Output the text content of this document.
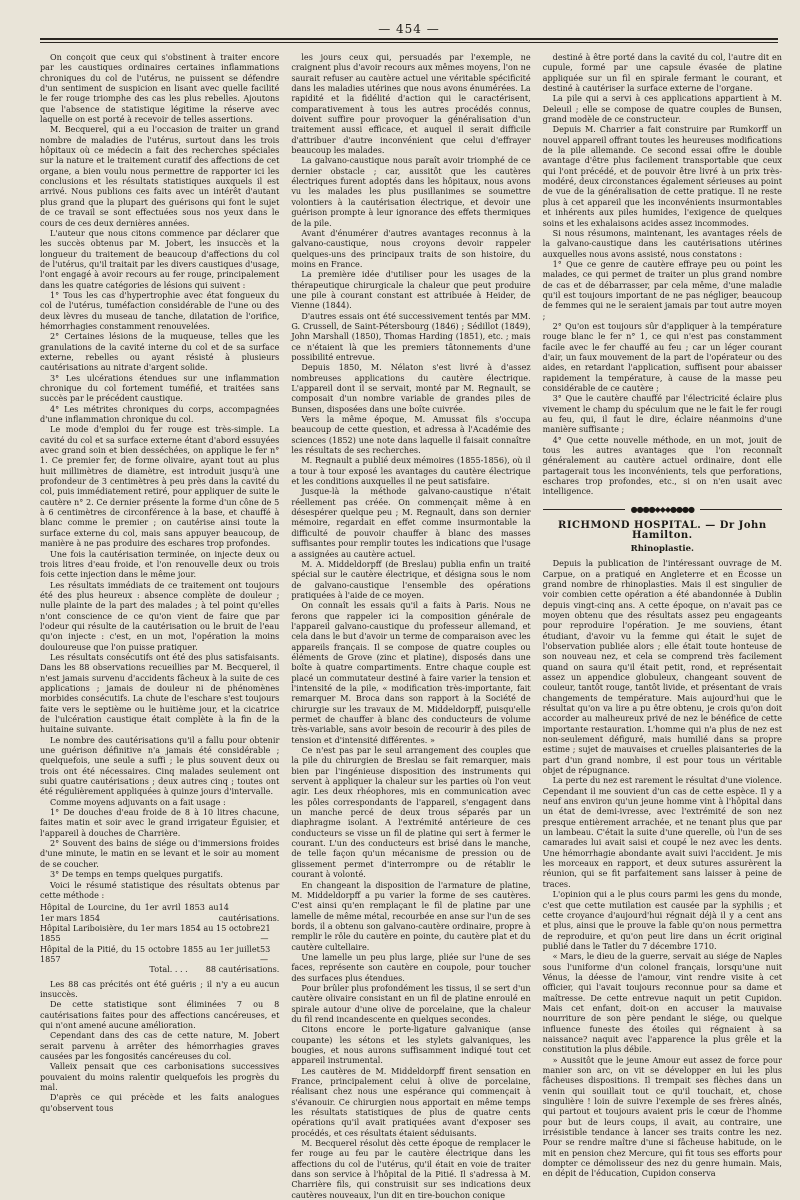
— 454 —

On conçoit que ceux qui s'obstinent à traiter encore par les caustiques ordinaires certaines inflammations chroniques du col de l'utérus, ne puissent se défendre d'un sentiment de suspicion en lisant avec quelle facilité le fer rouge triomphe des cas les plus rebelles. Ajoutons que l'absence de statistique légitime la réserve avec laquelle on est porté à recevoir de telles assertions.

M. Becquerel, qui a eu l'occasion de traiter un grand nombre de maladies de l'utérus, surtout dans les trois hôpitaux où ce médecin a fait des recherches spéciales sur la nature et le traitement curatif des affections de cet organe, a bien voulu nous permettre de rapporter ici les conclusions et les résultats statistiques auxquels il est arrivé. Nous publions ces faits avec un intérêt d'autant plus grand que la plupart des guérisons qui font le sujet de ce travail se sont effectuées sous nos yeux dans le cours de ces deux dernières années.

L'auteur que nous citons commence par déclarer que les succès obtenus par M. Jobert, les insuccès et la longueur du traitement de beaucoup d'affections du col de l'utérus, qu'il traitait par les divers caustiques d'usage, l'ont engagé à avoir recours au fer rouge, principalement dans les quatre catégories de lésions qui suivent :

1° Tous les cas d'hypertrophie avec état fongueux du col de l'utérus, tuméfaction considérable de l'une ou des deux lèvres du museau de tanche, dilatation de l'orifice, hémorrhagies constamment renouvelées.

2° Certaines lésions de la muqueuse, telles que les granulations de la cavité interne du col et de sa surface externe, rebelles ou ayant résisté à plusieurs cautérisations au nitrate d'argent solide.

3° Les ulcérations étendues sur une inflammation chronique du col fortement tuméfié, et traitées sans succès par le précédent caustique.

4° Les métrites chroniques du corps, accompagnées d'une inflammation chronique du col.

Le mode d'emploi du fer rouge est très-simple. La cavité du col et sa surface externe étant d'abord essuyées avec grand soin et bien desséchées, on applique le fer n° 1. Ce premier fer, de forme olivaire, ayant tout au plus huit millimètres de diamètre, est introduit jusqu'à une profondeur de 3 centimètres à peu près dans la cavité du col, puis immédiatement retiré, pour appliquer de suite le cautère n° 2. Ce dernier présente la forme d'un cône de 5 à 6 centimètres de circonférence à la base, et chauffé à blanc comme le premier ; on cautérise ainsi toute la surface externe du col, mais sans appuyer beaucoup, de manière à ne pas produire des eschares trop profondes.

Une fois la cautérisation terminée, on injecte deux ou trois litres d'eau froide, et l'on renouvelle deux ou trois fois cette injection dans le même jour.

Les résultats immédiats de ce traitement ont toujours été des plus heureux : absence complète de douleur ; nulle plainte de la part des malades ; à tel point qu'elles n'ont conscience de ce qu'on vient de faire que par l'odeur qui résulte de la cautérisation ou le bruit de l'eau qu'on injecte : c'est, en un mot, l'opération la moins douloureuse que l'on puisse pratiquer.

Les résultats consécutifs ont été des plus satisfaisants. Dans les 88 observations recueillies par M. Becquerel, il n'est jamais survenu d'accidents fâcheux à la suite de ces applications ; jamais de douleur ni de phénomènes morbides consécutifs. La chute de l'eschare s'est toujours faite vers le septième ou le huitième jour, et la cicatrice de l'ulcération caustique était complète à la fin de la huitaine suivante.

Le nombre des cautérisations qu'il a fallu pour obtenir une guérison définitive n'a jamais été considérable ; quelquefois, une seule a suffi ; le plus souvent deux ou trois ont été nécessaires. Cinq malades seulement ont subi quatre cautérisations ; deux autres cinq ; toutes ont été régulièrement appliquées à quinze jours d'intervalle.

Comme moyens adjuvants on a fait usage :

1° De douches d'eau froide de 8 à 10 litres chacune, faites matin et soir avec le grand irrigateur Éguisier, et l'appareil à douches de Charrière.

2° Souvent des bains de siége ou d'immersions froides d'une minute, le matin en se levant et le soir au moment de se coucher.

3° De temps en temps quelques purgatifs.

Voici le résumé statistique des résultats obtenus par cette méthode :

Hôpital de Lourcine, du 1er avril 1853 au 1er mars 1854
14 cautérisations.
Hôpital Lariboisière, du 1er mars 1854 au 15 octobre 1855
21 —
Hôpital de la Pitié, du 15 octobre 1855 au 1er juillet 1857
53 —
Total. . . . 88 cautérisations.

Les 88 cas précités ont été guéris ; il n'y a eu aucun insuccès.

De cette statistique sont éliminées 7 ou 8 cautérisations faites pour des affections cancéreuses, et qui n'ont amené aucune amélioration.

Cependant dans des cas de cette nature, M. Jobert serait parvenu à arrêter des hémorrhagies graves causées par les fongosités cancéreuses du col.

Valleix pensait que ces carbonisations successives pouvaient du moins ralentir quelquefois les progrès du mal.

D'après ce qui précède et les faits analogues qu'observent tous

les jours ceux qui, persuadés par l'exemple, ne craignent plus d'avoir recours aux mêmes moyens, l'on ne saurait refuser au cautère actuel une véritable spécificité dans les maladies utérines que nous avons énumérées. La rapidité et la fidélité d'action qui le caractérisent, comparativement à tous les autres procédés connus, doivent suffire pour provoquer la généralisation d'un traitement aussi efficace, et auquel il serait difficile d'attribuer d'autre inconvénient que celui d'effrayer beaucoup les malades.

La galvano-caustique nous paraît avoir triomphé de ce dernier obstacle ; car, aussitôt que les cautères électriques furent adoptés dans les hôpitaux, nous avons vu les malades les plus pusillanimes se soumettre volontiers à la cautérisation électrique, et devoir une guérison prompte à leur ignorance des effets thermiques de la pile.

Avant d'énumérer d'autres avantages reconnus à la galvano-caustique, nous croyons devoir rappeler quelques-uns des principaux traits de son histoire, du moins en France.

La première idée d'utiliser pour les usages de la thérapeutique chirurgicale la chaleur que peut produire une pile à courant constant est attribuée à Heider, de Vienne (1844).

D'autres essais ont été successivement tentés par MM. G. Crussell, de Saint-Pétersbourg (1846) ; Sédillot (1849), John Marshall (1850), Thomas Harding (1851), etc. ; mais ce n'étaient là que les premiers tâtonnements d'une possibilité entrevue.

Depuis 1850, M. Nélaton s'est livré à d'assez nombreuses applications du cautère électrique. L'appareil dont il se servait, monté par M. Regnault, se composait d'un nombre variable de grandes piles de Bunsen, disposées dans une boîte cuivrée.

Vers la même époque, M. Amussat fils s'occupa beaucoup de cette question, et adressa à l'Académie des sciences (1852) une note dans laquelle il faisait connaître les résultats de ses recherches.

M. Regnault a publié deux mémoires (1855-1856), où il a tour à tour exposé les avantages du cautère électrique et les conditions auxquelles il ne peut satisfaire.

Jusque-là la méthode galvano-caustique n'était réellement pas créée. On commençait même à en désespérer quelque peu ; M. Regnault, dans son dernier mémoire, regardait en effet comme insurmontable la difficulté de pouvoir chauffer à blanc des masses suffisantes pour remplir toutes les indications que l'usage a assignées au cautère actuel.

M. A. Middeldorpff (de Breslau) publia enfin un traité spécial sur le cautère électrique, et désigna sous le nom de galvano-caustique l'ensemble des opérations pratiquées à l'aide de ce moyen.

On connaît les essais qu'il a faits à Paris. Nous ne ferons que rappeler ici la composition générale de l'appareil galvano-caustique du professeur allemand, et cela dans le but d'avoir un terme de comparaison avec les appareils français. Il se compose de quatre couples ou éléments de Grove (zinc et platine), disposés dans une boîte à quatre compartiments. Entre chaque couple est placé un commutateur destiné à faire varier la tension et l'intensité de la pile, « modification très-importante, fait remarquer M. Broca dans son rapport à la Société de chirurgie sur les travaux de M. Middeldorpff, puisqu'elle permet de chauffer à blanc des conducteurs de volume très-variable, sans avoir besoin de recourir à des piles de tension et d'intensité différentes. »

Ce n'est pas par le seul arrangement des couples que la pile du chirurgien de Breslau se fait remarquer, mais bien par l'ingénieuse disposition des instruments qui servent à appliquer la chaleur sur les parties où l'on veut agir. Les deux rhéophores, mis en communication avec les pôles correspondants de l'appareil, s'engagent dans un manche percé de deux trous séparés par un diaphragme isolant. A l'extrémité antérieure de ces conducteurs se visse un fil de platine qui sert à fermer le courant. L'un des conducteurs est brisé dans le manche, de telle façon qu'un mécanisme de pression ou de glissement permet d'interrompre ou de rétablir le courant à volonté.

En changeant la disposition de l'armature de platine, M. Middeldorpff a pu varier la forme de ses cautères. C'est ainsi qu'en remplaçant le fil de platine par une lamelle de même métal, recourbée en anse sur l'un de ses bords, il a obtenu son galvano-cautère ordinaire, propre à remplir le rôle du cautère en pointe, du cautère plat et du cautère cultellaire.

Une lamelle un peu plus large, pliée sur l'une de ses faces, représente son cautère en coupole, pour toucher des surfaces plus étendues.

Pour brûler plus profondément les tissus, il se sert d'un cautère olivaire consistant en un fil de platine enroulé en spirale autour d'une olive de porcelaine, que la chaleur du fil rend incandescente en quelques secondes.

Citons encore le porte-ligature galvanique (anse coupante) les sétons et les stylets galvaniques, les bougies, et nous aurons suffisamment indiqué tout cet appareil instrumental.

Les cautères de M. Middeldorpff firent sensation en France, principalement celui à olive de porcelaine, réalisant chez nous une espérance qui commençait à s'évanouir. Ce chirurgien nous apportait en même temps les résultats statistiques de plus de quatre cents opérations qu'il avait pratiquées avant d'exposer ses procédés, et ces résultats étaient séduisants.

M. Becquerel résolut dès cette époque de remplacer le fer rouge au feu par le cautère électrique dans les affections du col de l'utérus, qu'il était en voie de traiter dans son service à l'hôpital de la Pitié. Il s'adressa à M. Charrière fils, qui construisit sur ses indications deux cautères nouveaux, l'un dit en tire-bouchon conique

destiné à être porté dans la cavité du col, l'autre dit en cupule, formé par une capsule évasée de platine appliquée sur un fil en spirale fermant le courant, et destiné à cautériser la surface externe de l'organe.

La pile qui a servi à ces applications appartient à M. Deleuil ; elle se compose de quatre couples de Bunsen, grand modèle de ce constructeur.

Depuis M. Charrier a fait construire par Rumkorff un nouvel appareil offrant toutes les heureuses modifications de la pile allemande. Ce second essai offre le double avantage d'être plus facilement transportable que ceux qui l'ont précédé, et de pouvoir être livré à un prix très-modéré, deux circonstances également sérieuses au point de vue de la généralisation de cette pratique. Il ne reste plus à cet appareil que les inconvénients insurmontables et inhérents aux piles humides, l'exigence de quelques soins et les exhalaisons acides assez incommodes.

Si nous résumons, maintenant, les avantages réels de la galvano-caustique dans les cautérisations utérines auxquelles nous avons assisté, nous constatons :

1° Que ce genre de cautère effraye peu ou point les malades, ce qui permet de traiter un plus grand nombre de cas et de débarrasser, par cela même, d'une maladie qu'il est toujours important de ne pas négliger, beaucoup de femmes qui ne le seraient jamais par tout autre moyen ;

2° Qu'on est toujours sûr d'appliquer à la température rouge blanc le fer n° 1, ce qui n'est pas constamment facile avec le fer chauffé au feu ; car un léger courant d'air, un faux mouvement de la part de l'opérateur ou des aides, en retardant l'application, suffisent pour abaisser rapidement la température, à cause de la masse peu considérable de ce cautère ;

3° Que le cautère chauffé par l'électricité éclaire plus vivement le champ du spéculum que ne le fait le fer rougi au feu, qui, il faut le dire, éclaire néanmoins d'une manière suffisante ;

4° Que cette nouvelle méthode, en un mot, jouit de tous les autres avantages que l'on reconnaît généralement au cautère actuel ordinaire, dont elle partagerait tous les inconvénients, tels que perforations, eschares trop profondes, etc., si on n'en usait avec intelligence.

●●●●◆◆◆●●●●
RICHMOND HOSPITAL. — Dr John Hamilton.
Rhinoplastie.

Depuis la publication de l'intéressant ouvrage de M. Carpue, on a pratiqué en Angleterre et en Écosse un grand nombre de rhinoplasties. Mais il est singulier de voir combien cette opération a été abandonnée à Dublin depuis vingt-cinq ans. A cette époque, on n'avait pas ce moyen obtenu que des résultats assez peu engageants pour reproduire l'opération. Je me souviens, étant étudiant, d'avoir vu la femme qui était le sujet de l'observation publiée alors ; elle était toute honteuse de son nouveau nez, et cela se comprend très facilement quand on saura qu'il était petit, rond, et représentait assez un appendice globuleux, changeant souvent de couleur, tantôt rouge, tantôt livide, et présentant de vrais changements de température. Mais aujourd'hui que le résultat qu'on va lire a pu être obtenu, je crois qu'on doit accorder au malheureux privé de nez le bénéfice de cette importante restauration. L'homme qui n'a plus de nez est non-seulement défiguré, mais humilié dans sa propre estime ; sujet de mauvaises et cruelles plaisanteries de la part d'un grand nombre, il est pour tous un véritable objet de répugnance.

La perte du nez est rarement le résultat d'une violence. Cependant il me souvient d'un cas de cette espèce. Il y a neuf ans environ qu'un jeune homme vint à l'hôpital dans un état de demi-ivresse, avec l'extrémité de son nez presque entièrement arrachée, et ne tenant plus que par un lambeau. C'était la suite d'une querelle, où l'un de ses camarades lui avait saisi et coupé le nez avec les dents. Une hémorrhagie abondante avait suivi l'accident. Je mis les morceaux en rapport, et deux sutures assurèrent la réunion, qui se fit parfaitement sans laisser à peine de traces.

L'opinion qui a le plus cours parmi les gens du monde, c'est que cette mutilation est causée par la syphilis ; et cette croyance d'aujourd'hui régnait déjà il y a cent ans et plus, ainsi que le prouve la fable qu'on nous permettra de reproduire, et qu'on peut lire dans un écrit original publié dans le Tatler du 7 décembre 1710.

« Mars, le dieu de la guerre, servait au siége de Naples sous l'uniforme d'un colonel français, lorsqu'une nuit Vénus, la déesse de l'amour, vint rendre visite à cet officier, qui l'avait toujours reconnue pour sa dame et maîtresse. De cette entrevue naquit un petit Cupidon. Mais cet enfant, doit-on en accuser la mauvaise nourriture de son père pendant le siége, ou quelque influence funeste des étoiles qui régnaient à sa naissance? naquit avec l'apparence la plus grêle et la constitution la plus débile.

» Aussitôt que le jeune Amour eut assez de force pour manier son arc, on vit se développer en lui les plus fâcheuses dispositions. Il trempait ses flèches dans un venin qui souillait tout ce qu'il touchait, et, chose singulière ! loin de suivre l'exemple de ses frères aînés, qui partout et toujours avaient pris le cœur de l'homme pour but de leurs coups, il avait, au contraire, une irrésistible tendance à lancer ses traits contre les nez. Pour se rendre maître d'une si fâcheuse habitude, on le mit en pension chez Mercure, qui fit tous ses efforts pour dompter ce démolisseur des nez du genre humain. Mais, en dépit de l'éducation, Cupidon conserva
